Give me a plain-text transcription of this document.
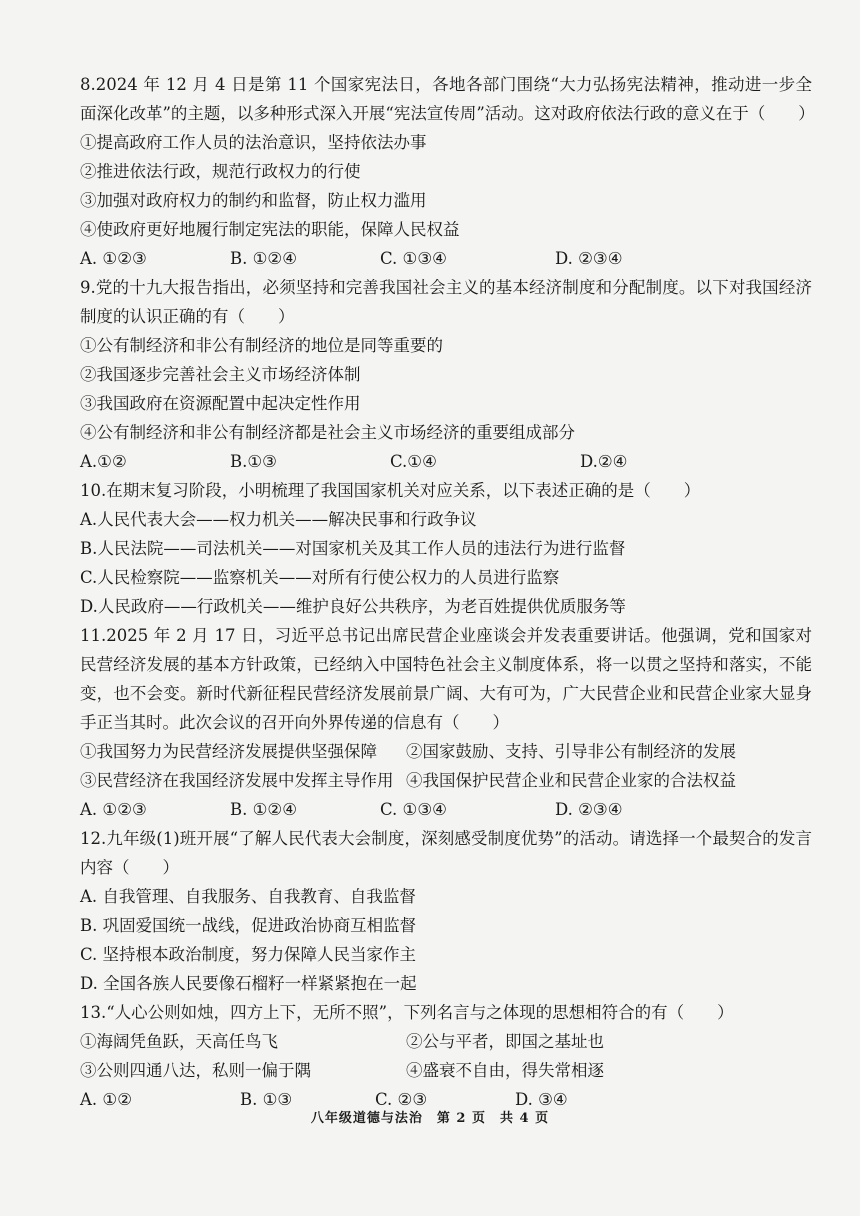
8.2024 年 12 月 4 日是第 11 个国家宪法日，各地各部门围绕“大力弘扬宪法精神，推动进一步全面深化改革”的主题，以多种形式深入开展“宪法宣传周”活动。这对政府依法行政的意义在于（　　）

①提高政府工作人员的法治意识，坚持依法办事

②推进依法行政，规范行政权力的行使

③加强对政府权力的制约和监督，防止权力滥用

④使政府更好地履行制定宪法的职能，保障人民权益

A. ①②③	B. ①②④	C. ①③④	D. ②③④

9.党的十九大报告指出，必须坚持和完善我国社会主义的基本经济制度和分配制度。以下对我国经济制度的认识正确的有（　　）

①公有制经济和非公有制经济的地位是同等重要的

②我国逐步完善社会主义市场经济体制

③我国政府在资源配置中起决定性作用

④公有制经济和非公有制经济都是社会主义市场经济的重要组成部分

A.①②	B.①③	C.①④	D.②④

10.在期末复习阶段，小明梳理了我国国家机关对应关系，以下表述正确的是（　　）

A.人民代表大会——权力机关——解决民事和行政争议

B.人民法院——司法机关——对国家机关及其工作人员的违法行为进行监督

C.人民检察院——监察机关——对所有行使公权力的人员进行监察

D.人民政府——行政机关——维护良好公共秩序，为老百姓提供优质服务等

11.2025 年 2 月 17 日，习近平总书记出席民营企业座谈会并发表重要讲话。他强调，党和国家对民营经济发展的基本方针政策，已经纳入中国特色社会主义制度体系，将一以贯之坚持和落实，不能变，也不会变。新时代新征程民营经济发展前景广阔、大有可为，广大民营企业和民营企业家大显身手正当其时。此次会议的召开向外界传递的信息有（　　）

①我国努力为民营经济发展提供坚强保障	②国家鼓励、支持、引导非公有制经济的发展
③民营经济在我国经济发展中发挥主导作用 ④我国保护民营企业和民营企业家的合法权益
A. ①②③	B. ①②④	C. ①③④	D. ②③④

12.九年级(1)班开展“了解人民代表大会制度，深刻感受制度优势”的活动。请选择一个最契合的发言内容（　　）

A. 自我管理、自我服务、自我教育、自我监督

B. 巩固爱国统一战线，促进政治协商互相监督

C. 坚持根本政治制度，努力保障人民当家作主

D. 全国各族人民要像石榴籽一样紧紧抱在一起

13.“人心公则如烛，四方上下，无所不照”，下列名言与之体现的思想相符合的有（　　）

①海阔凭鱼跃，天高任鸟飞	②公与平者，即国之基址也
③公则四通八达，私则一偏于隅	④盛衰不自由，得失常相逐
A. ①②	B. ①③	C. ②③	D. ③④
八年级道德与法治　第 2 页　共 4 页
